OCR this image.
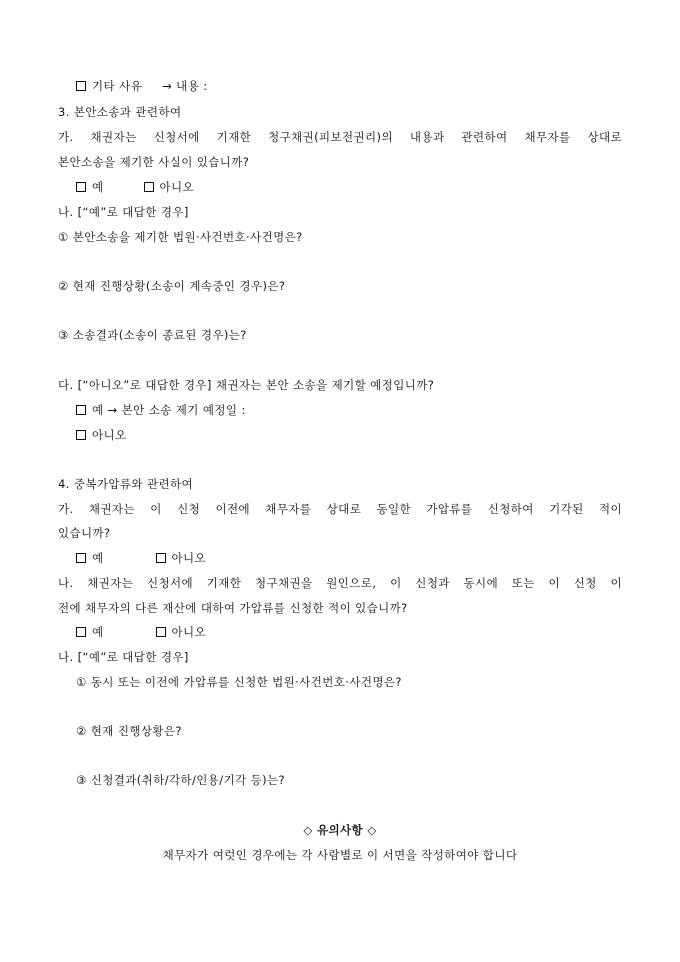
기타 사유 → 내용 :
3. 본안소송과 관련하여
가. 채권자는 신청서에 기재한 청구채권(피보전권리)의 내용과 관련하여 채무자를 상대로
본안소송을 제기한 사실이 있습니까?
예	아니오
나. [“예”로 대답한 경우]
① 본안소송을 제기한 법원·사건번호·사건명은?
② 현재 진행상황(소송이 계속중인 경우)은?
③ 소송결과(소송이 종료된 경우)는?
다. [“아니오”로 대답한 경우] 채권자는 본안 소송을 제기할 예정입니까?
예 → 본안 소송 제기 예정일 :
아니오
4. 중복가압류와 관련하여
가. 채권자는 이 신청 이전에 채무자를 상대로 동일한 가압류를 신청하여 기각된 적이
있습니까?
예	아니오
나. 채권자는 신청서에 기재한 청구채권을 원인으로, 이 신청과 동시에 또는 이 신청 이
전에 채무자의 다른 재산에 대하여 가압류를 신청한 적이 있습니까?
예	아니오
나. [“예”로 대답한 경우]
① 동시 또는 이전에 가압류를 신청한 법원·사건번호·사건명은?
② 현재 진행상황은?
③ 신청결과(취하/각하/인용/기각 등)는?
◇ 유의사항 ◇
채무자가 여럿인 경우에는 각 사람별로 이 서면을 작성하여야 합니다
